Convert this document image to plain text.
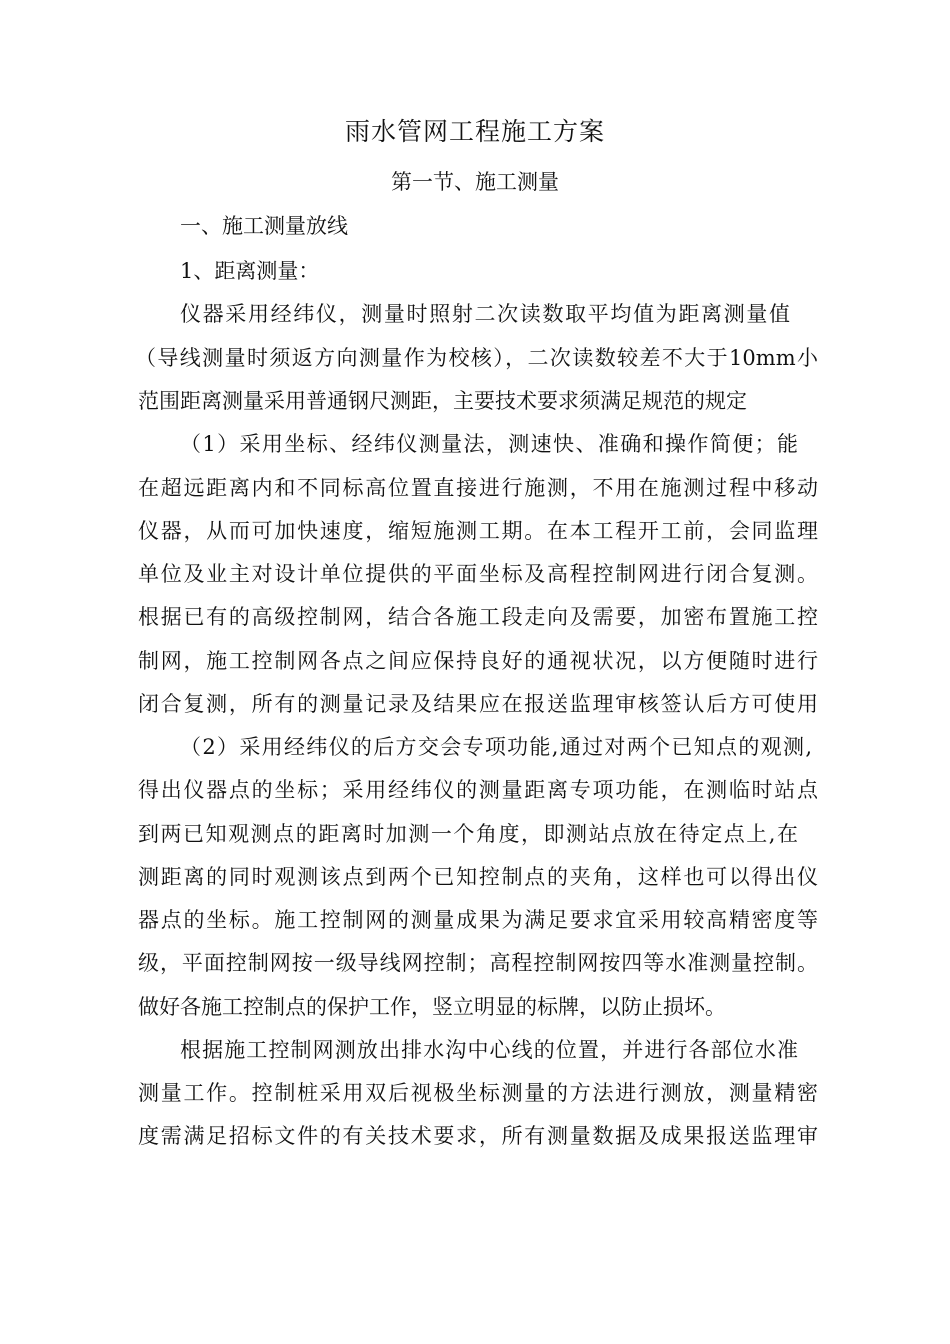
雨水管网工程施工方案
第一节、施工测量
一、施工测量放线
1、距离测量：
仪器采用经纬仪，测量时照射二次读数取平均值为距离测量值
（导线测量时须返方向测量作为校核），二次读数较差不大于10mm小
范围距离测量采用普通钢尺测距，主要技术要求须满足规范的规定
（1）采用坐标、经纬仪测量法，测速快、准确和操作简便；能
在超远距离内和不同标高位置直接进行施测，不用在施测过程中移动
仪器，从而可加快速度，缩短施测工期。在本工程开工前，会同监理
单位及业主对设计单位提供的平面坐标及高程控制网进行闭合复测。
根据已有的高级控制网，结合各施工段走向及需要，加密布置施工控
制网，施工控制网各点之间应保持良好的通视状况，以方便随时进行
闭合复测，所有的测量记录及结果应在报送监理审核签认后方可使用
（2）采用经纬仪的后方交会专项功能,通过对两个已知点的观测,
得出仪器点的坐标；采用经纬仪的测量距离专项功能，在测临时站点
到两已知观测点的距离时加测一个角度，即测站点放在待定点上,在
测距离的同时观测该点到两个已知控制点的夹角，这样也可以得出仪
器点的坐标。施工控制网的测量成果为满足要求宜采用较高精密度等
级，平面控制网按一级导线网控制；高程控制网按四等水准测量控制。
做好各施工控制点的保护工作，竖立明显的标牌，以防止损坏。
根据施工控制网测放出排水沟中心线的位置，并进行各部位水准
测量工作。控制桩采用双后视极坐标测量的方法进行测放，测量精密
度需满足招标文件的有关技术要求，所有测量数据及成果报送监理审
